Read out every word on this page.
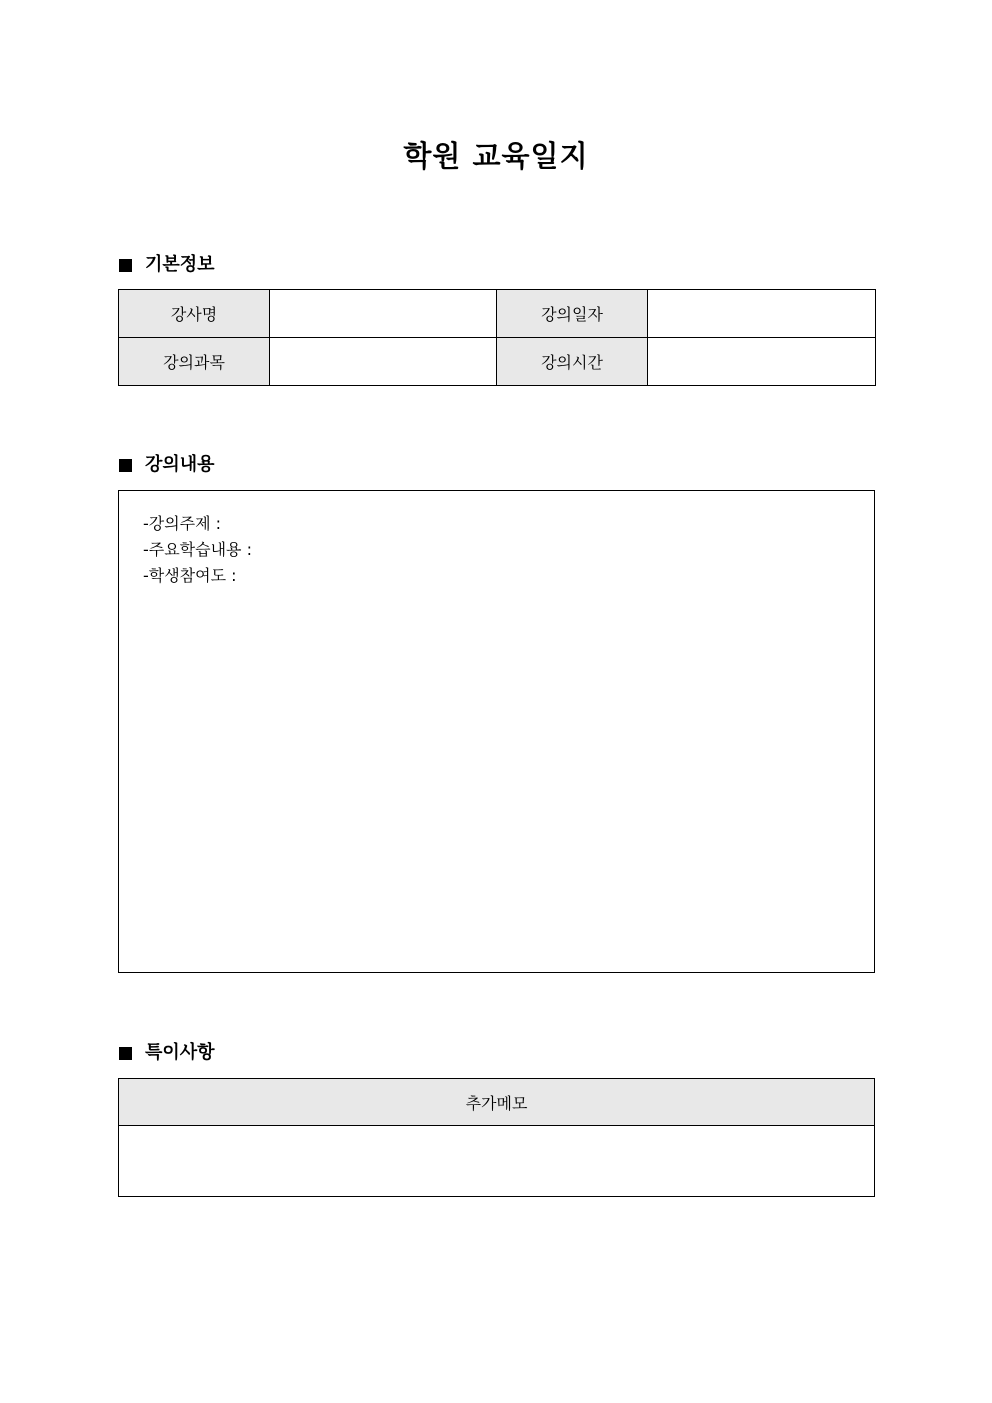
학원 교육일지
기본정보
강사명		강의일자	
강의과목		강의시간	
강의내용
-강의주제 :
-주요학습내용 :
-학생참여도 :
특이사항
추가메모
